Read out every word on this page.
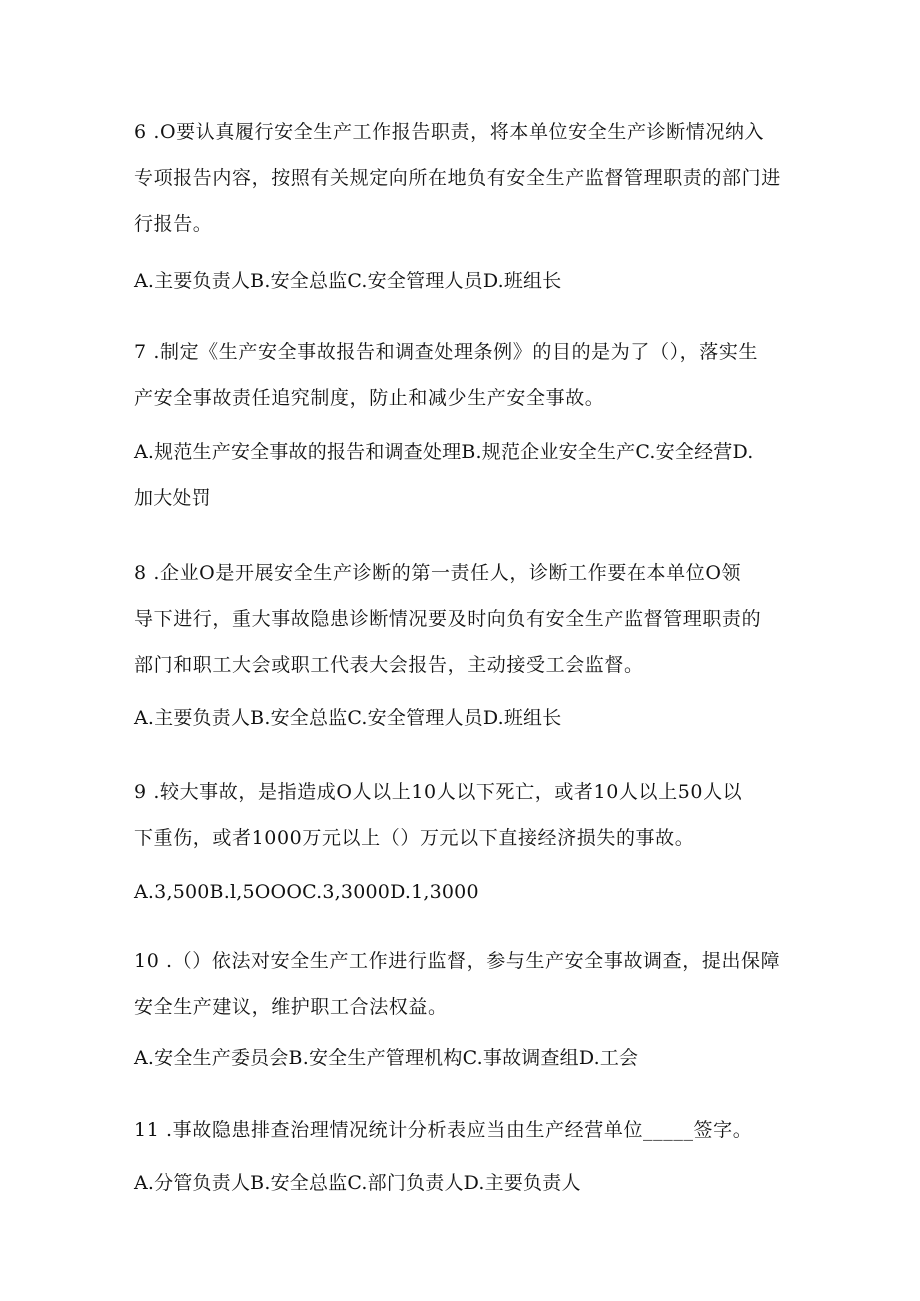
6 .O要认真履行安全生产工作报告职责，将本单位安全生产诊断情况纳入
专项报告内容，按照有关规定向所在地负有安全生产监督管理职责的部门进
行报告。
A.主要负责人B.安全总监C.安全管理人员D.班组长
7 .制定《生产安全事故报告和调查处理条例》的目的是为了（），落实生
产安全事故责任追究制度，防止和减少生产安全事故。
A.规范生产安全事故的报告和调查处理B.规范企业安全生产C.安全经营D.
加大处罚
8 .企业O是开展安全生产诊断的第一责任人，诊断工作要在本单位O领
导下进行，重大事故隐患诊断情况要及时向负有安全生产监督管理职责的
部门和职工大会或职工代表大会报告，主动接受工会监督。
A.主要负责人B.安全总监C.安全管理人员D.班组长
9 .较大事故，是指造成O人以上10人以下死亡，或者10人以上50人以
下重伤，或者1000万元以上（）万元以下直接经济损失的事故。
A.3,500B.l,5OOOC.3,3000D.1,3000
10 .（）依法对安全生产工作进行监督，参与生产安全事故调查，提出保障
安全生产建议，维护职工合法权益。
A.安全生产委员会B.安全生产管理机构C.事故调查组D.工会
11 .事故隐患排查治理情况统计分析表应当由生产经营单位_____签字。
A.分管负责人B.安全总监C.部门负责人D.主要负责人
